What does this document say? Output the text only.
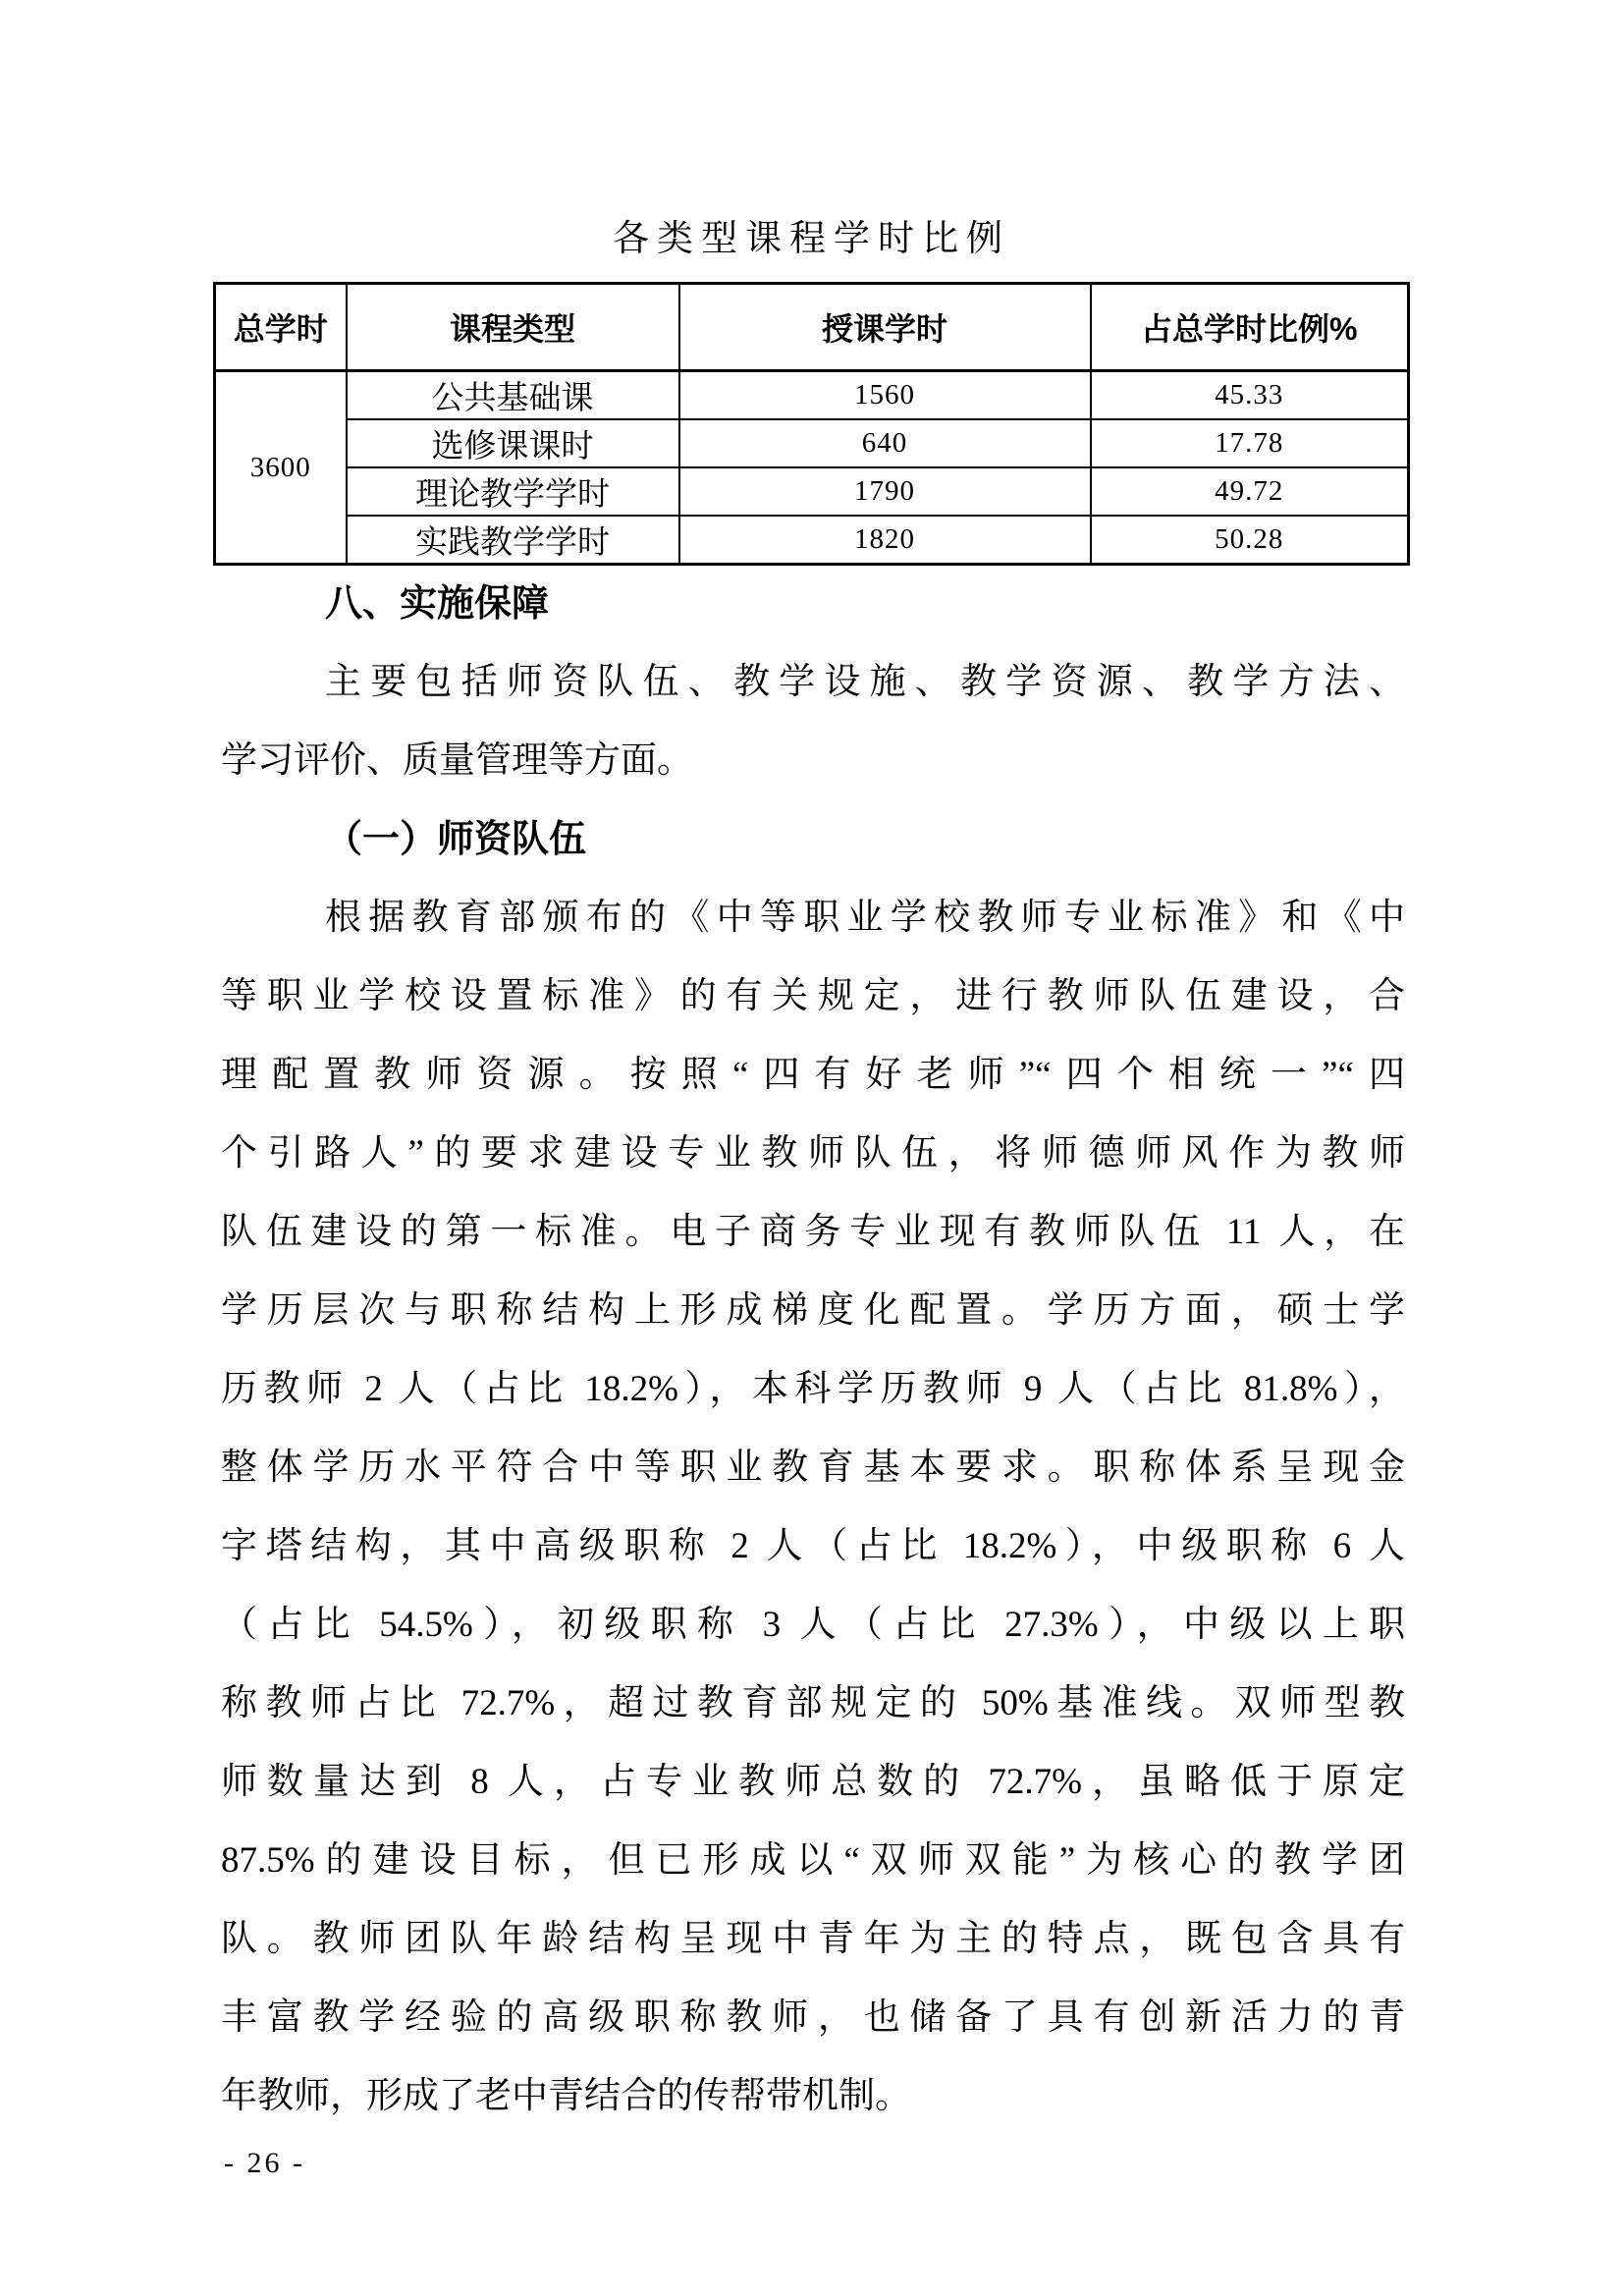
各类型课程学时比例
总学时	课程类型	授课学时	占总学时比例%
3600	公共基础课	1560	45.33
	选修课课时	640	17.78
	理论教学学时	1790	49.72
	实践教学学时	1820	50.28
八、实施保障
主要包括师资队伍、教学设施、教学资源、教学方法、
学习评价、质量管理等方面。
（一）师资队伍
根据教育部颁布的《中等职业学校教师专业标准》和《中
等职业学校设置标准》的有关规定，进行教师队伍建设，合
理配置教师资源。按照“四有好老师”“四个相统一”“四
个引路人”的要求建设专业教师队伍，将师德师风作为教师
队伍建设的第一标准。电子商务专业现有教师队伍 11 人，在
学历层次与职称结构上形成梯度化配置。学历方面，硕士学
历教师 2 人（占比 18.2%），本科学历教师 9 人（占比 81.8%），
整体学历水平符合中等职业教育基本要求。职称体系呈现金
字塔结构，其中高级职称 2 人（占比 18.2%），中级职称 6 人
（占比 54.5%），初级职称 3 人（占比 27.3%），中级以上职
称教师占比 72.7%，超过教育部规定的 50%基准线。双师型教
师数量达到 8 人，占专业教师总数的 72.7%，虽略低于原定
87.5%的建设目标，但已形成以“双师双能”为核心的教学团
队。教师团队年龄结构呈现中青年为主的特点，既包含具有
丰富教学经验的高级职称教师，也储备了具有创新活力的青
年教师，形成了老中青结合的传帮带机制。
- 26 -
